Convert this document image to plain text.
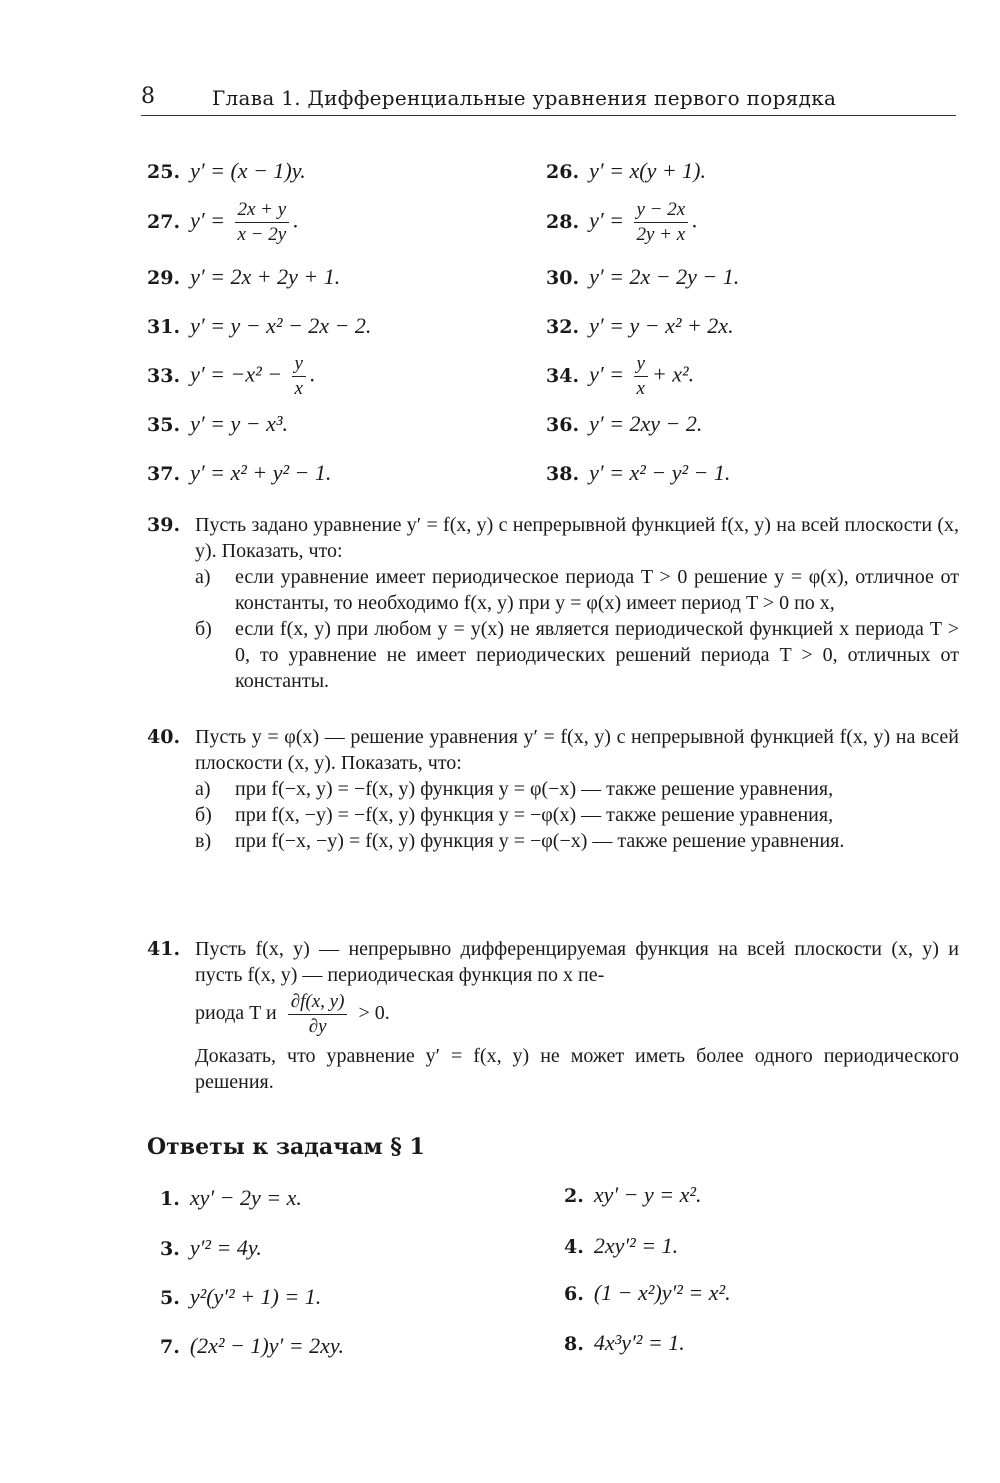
8	Глава 1. Дифференциальные уравнения первого порядка
25. y′ = (x − 1)y.	26. y′ = x(y + 1).
27. $y' = \frac{2x + y}{x - 2y}$ .	28. $y' = \frac{y - 2x}{2y + x}$ .
29. y′ = 2x + 2y + 1.	30. y′ = 2x − 2y − 1.
31. y′ = y − x² − 2x − 2.	32. y′ = y − x² + 2x.
33. $y' = -x^2 - \frac{y}{x}$ .	34. $y' = \frac{y}{x} + x^2$.
35. y′ = y − x³.	36. y′ = 2xy − 2.
37. y′ = x² + y² − 1.	38. y′ = x² − y² − 1.
39. Пусть задано уравнение y′ = f(x, y) с непрерывной функцией f(x, y) на всей плоскости (x, y). Показать, что:
а)	если уравнение имеет периодическое периода T > 0 решение y = φ(x), отличное от константы, то необходимо f(x, y) при y = φ(x) имеет период T > 0 по x,
б)	если f(x, y) при любом y = y(x) не является периодической функцией x периода T > 0, то уравнение не имеет периодических решений периода T > 0, отличных от константы.
40. Пусть y = φ(x) — решение уравнения y′ = f(x, y) с непрерывной функцией f(x, y) на всей плоскости (x, y). Показать, что:
а)	при f(−x, y) = −f(x, y) функция y = φ(−x) — также решение уравнения,
б)	при f(x, −y) = −f(x, y) функция y = −φ(x) — также решение уравнения,
в)	при f(−x, −y) = f(x, y) функция y = −φ(−x) — также решение уравнения.
41. Пусть f(x, y) — непрерывно дифференцируемая функция на всей плоскости (x, y) и пусть f(x, y) — периодическая функция по x пе-
риода T и $\frac{\partial f(x, y)}{\partial y} > 0$.
Доказать, что уравнение y′ = f(x, y) не может иметь более одного периодического решения.
Ответы к задачам § 1
1. xy′ − 2y = x.	2. xy′ − y = x².
3. y′² = 4y.	4. 2xy′² = 1.
5. y²(y′² + 1) = 1.	6. (1 − x²)y′² = x².
7. (2x² − 1)y′ = 2xy.	8. 4x³y′² = 1.
